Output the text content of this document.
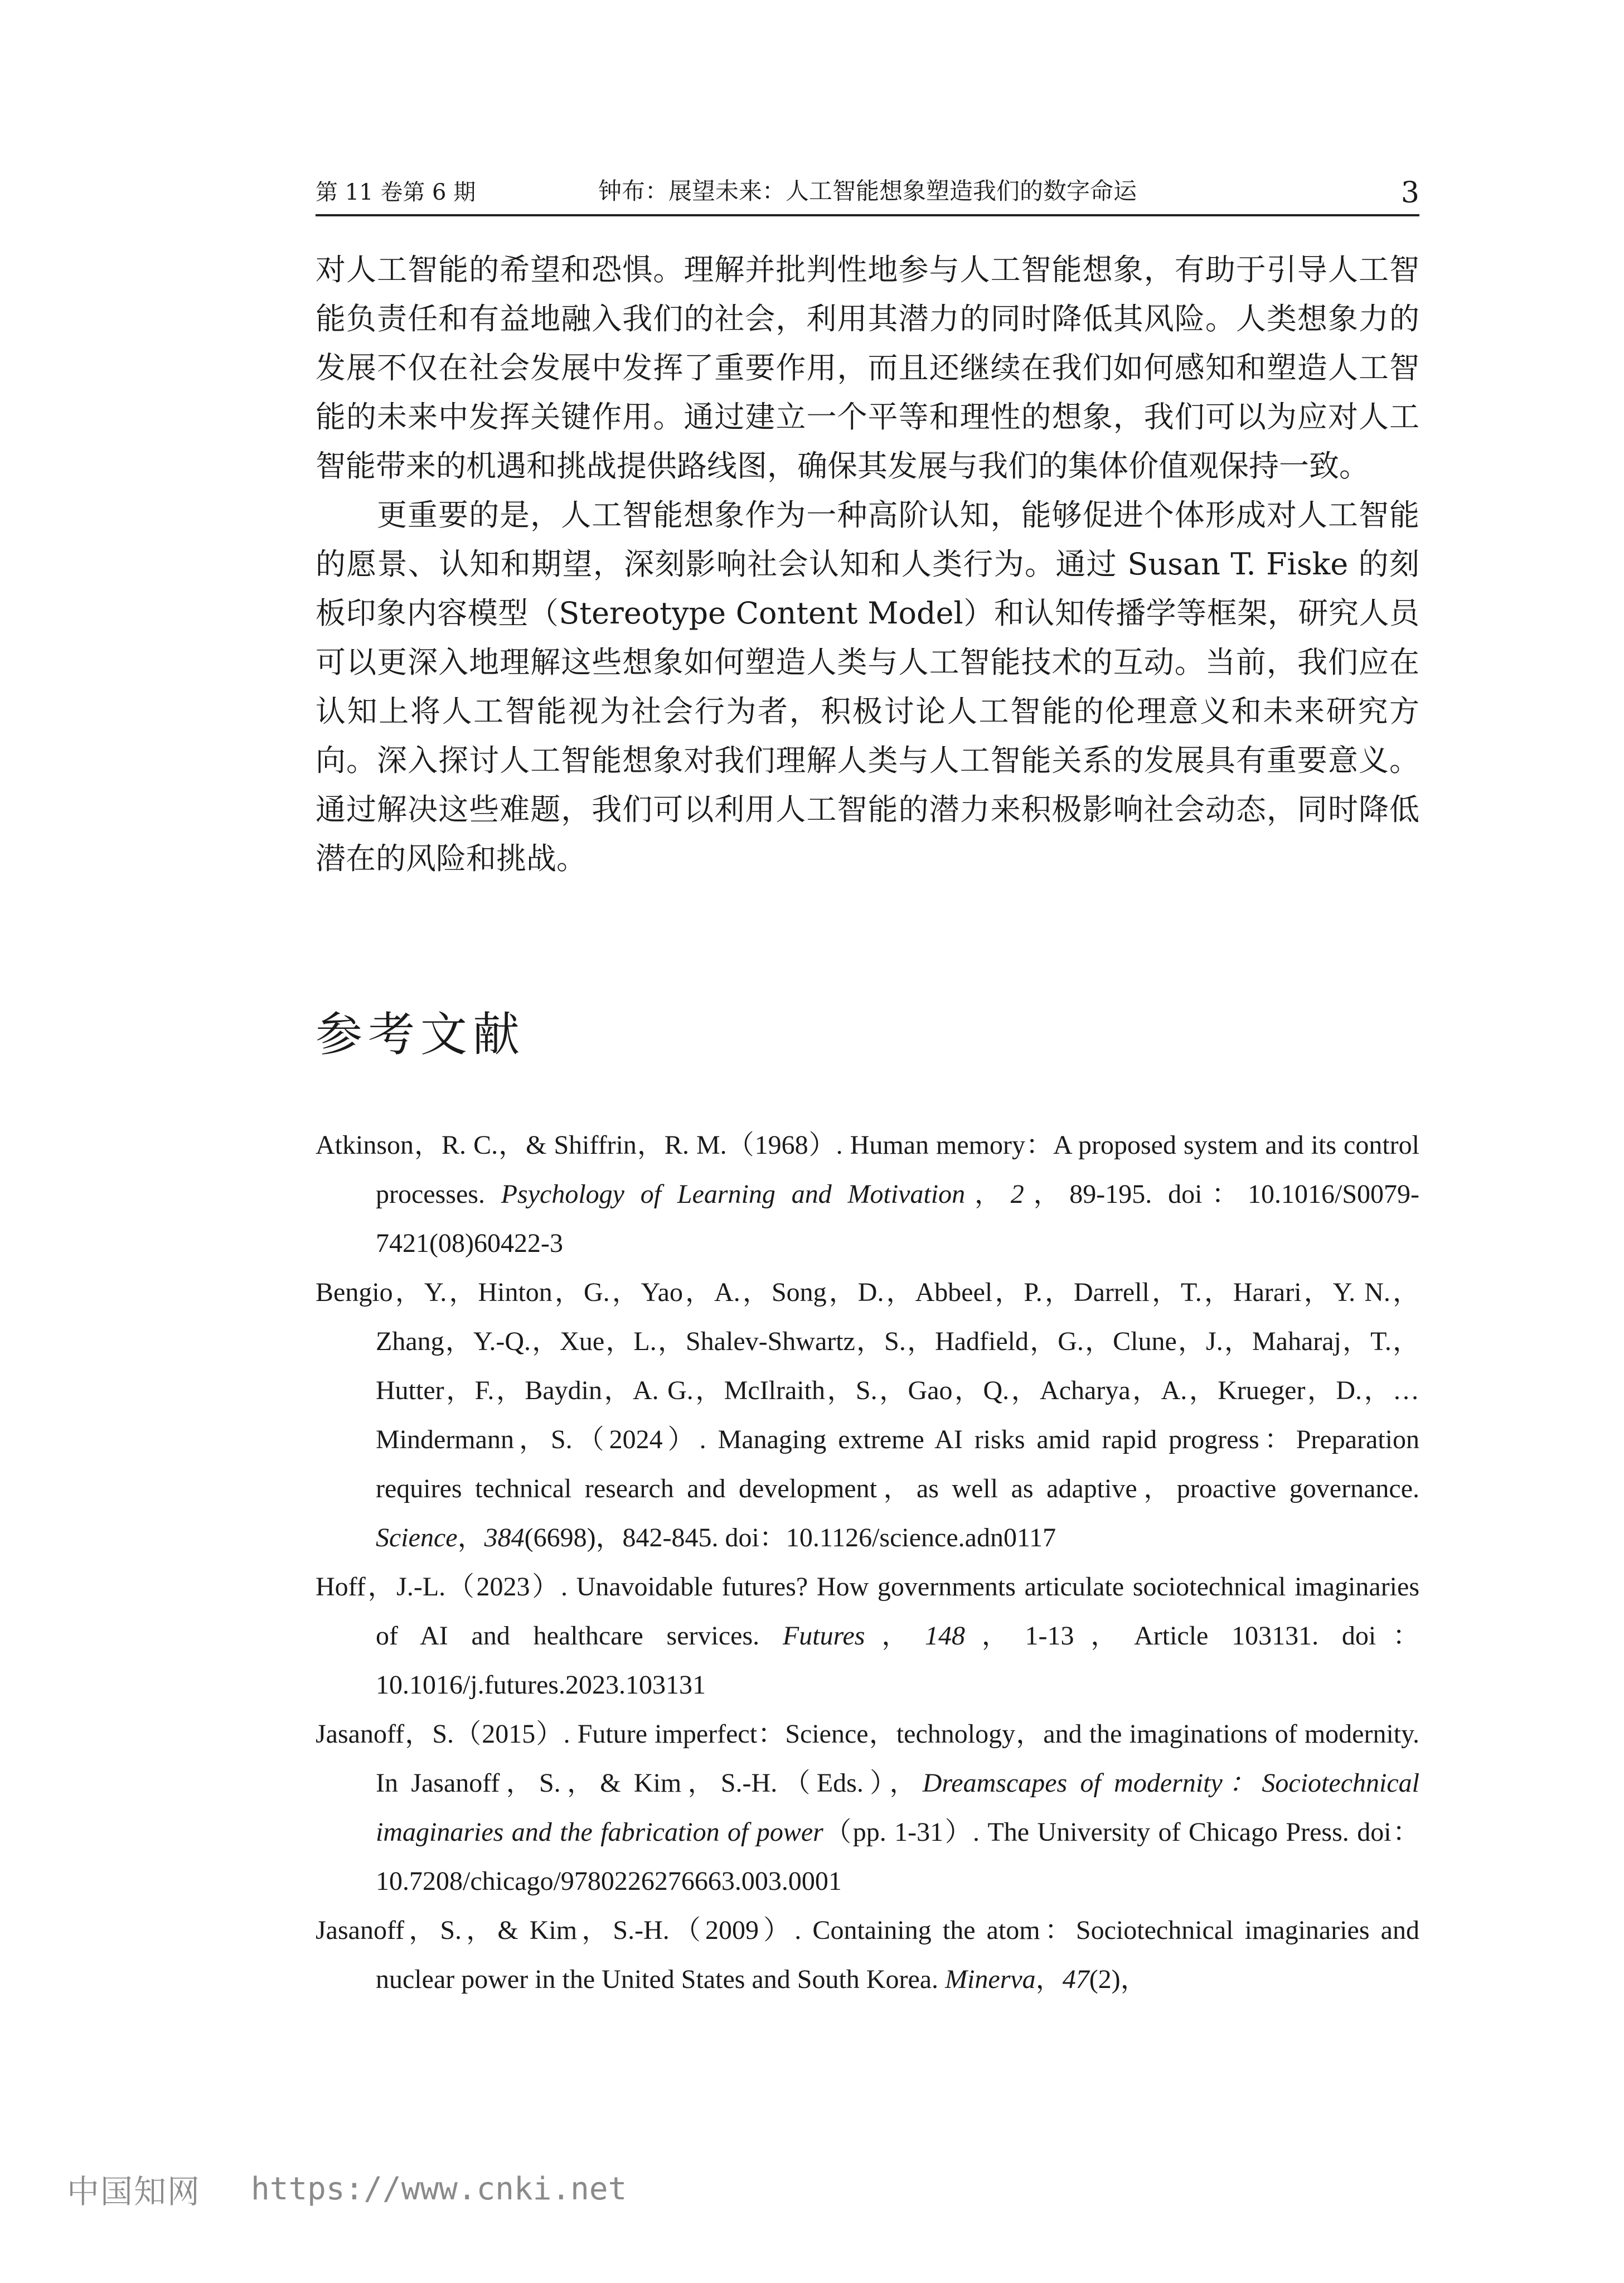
第 11 卷第 6 期	钟布：展望未来：人工智能想象塑造我们的数字命运	3

对人工智能的希望和恐惧。理解并批判性地参与人工智能想象，有助于引导人工智能负责任和有益地融入我们的社会，利用其潜力的同时降低其风险。人类想象力的发展不仅在社会发展中发挥了重要作用，而且还继续在我们如何感知和塑造人工智能的未来中发挥关键作用。通过建立一个平等和理性的想象，我们可以为应对人工智能带来的机遇和挑战提供路线图，确保其发展与我们的集体价值观保持一致。

更重要的是，人工智能想象作为一种高阶认知，能够促进个体形成对人工智能的愿景、认知和期望，深刻影响社会认知和人类行为。通过 Susan T. Fiske 的刻板印象内容模型（Stereotype Content Model）和认知传播学等框架，研究人员可以更深入地理解这些想象如何塑造人类与人工智能技术的互动。当前，我们应在认知上将人工智能视为社会行为者，积极讨论人工智能的伦理意义和未来研究方向。深入探讨人工智能想象对我们理解人类与人工智能关系的发展具有重要意义。通过解决这些难题，我们可以利用人工智能的潜力来积极影响社会动态，同时降低潜在的风险和挑战。

参考文献

Atkinson，R. C.，& Shiffrin，R. M.（1968）. Human memory：A proposed system and its control processes. Psychology of Learning and Motivation，2，89-195. doi：10.1016/S0079-7421(08)60422-3

Bengio，Y.，Hinton，G.，Yao，A.，Song，D.，Abbeel，P.，Darrell，T.，Harari，Y. N.，Zhang，Y.-Q.，Xue，L.，Shalev-Shwartz，S.，Hadfield，G.，Clune，J.，Maharaj，T.，Hutter，F.，Baydin，A. G.，McIlraith，S.，Gao，Q.，Acharya，A.，Krueger，D.，…Mindermann，S.（2024）. Managing extreme AI risks amid rapid progress：Preparation requires technical research and development，as well as adaptive，proactive governance. Science，384(6698)，842-845. doi：10.1126/science.adn0117

Hoff，J.-L.（2023）. Unavoidable futures? How governments articulate sociotechnical imaginaries of AI and healthcare services. Futures，148，1-13，Article 103131. doi：10.1016/j.futures.2023.103131

Jasanoff，S.（2015）. Future imperfect：Science，technology，and the imaginations of modernity. In Jasanoff，S.，& Kim，S.-H.（Eds.），Dreamscapes of modernity：Sociotechnical imaginaries and the fabrication of power（pp. 1-31）. The University of Chicago Press. doi：10.7208/chicago/9780226276663.003.0001

Jasanoff，S.，& Kim，S.-H.（2009）. Containing the atom：Sociotechnical imaginaries and nuclear power in the United States and South Korea. Minerva，47(2)，

中国知网 https://www.cnki.net
